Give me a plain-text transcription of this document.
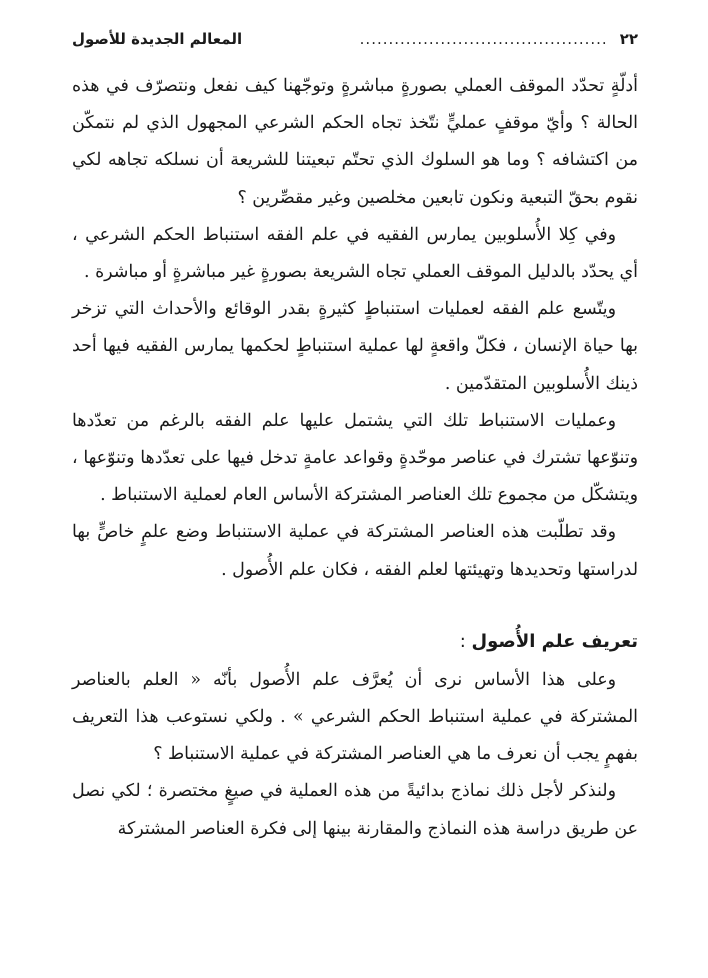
٢٢
...........................................
المعالم الجديدة للأصول

أدلّةٍ تحدّد الموقف العملي بصورةٍ مباشرةٍ وتوجّهنا كيف نفعل ونتصرّف في هذه الحالة ؟ وأيّ موقفٍ عمليٍّ نتّخذ تجاه الحكم الشرعي المجهول الذي لم نتمكّن من اكتشافه ؟ وما هو السلوك الذي تحتّم تبعيتنا للشريعة أن نسلكه تجاهه لكي نقوم بحقّ التبعية ونكون تابعين مخلصين وغير مقصِّرين ؟

وفي كِلا الأُسلوبين يمارس الفقيه في علم الفقه استنباط الحكم الشرعي ، أي يحدّد بالدليل الموقف العملي تجاه الشريعة بصورةٍ غير مباشرةٍ أو مباشرة .

ويتّسع علم الفقه لعمليات استنباطٍ كثيرةٍ بقدر الوقائع والأحداث التي تزخر بها حياة الإنسان ، فكلّ واقعةٍ لها عملية استنباطٍ لحكمها يمارس الفقيه فيها أحد ذينك الأُسلوبين المتقدّمين .

وعمليات الاستنباط تلك التي يشتمل عليها علم الفقه بالرغم من تعدّدها وتنوّعها تشترك في عناصر موحّدةٍ وقواعد عامةٍ تدخل فيها على تعدّدها وتنوّعها ، ويتشكّل من مجموع تلك العناصر المشتركة الأساس العام لعملية الاستنباط .

وقد تطلّبت هذه العناصر المشتركة في عملية الاستنباط وضع علمٍ خاصٍّ بها لدراستها وتحديدها وتهيئتها لعلم الفقه ، فكان علم الأُصول .

تعريف علم الأُصول :

وعلى هذا الأساس نرى أن يُعرَّف علم الأُصول بأنّه « العلم بالعناصر المشتركة في عملية استنباط الحكم الشرعي » . ولكي نستوعب هذا التعريف بفهمٍ يجب أن نعرف ما هي العناصر المشتركة في عملية الاستنباط ؟

ولنذكر لأجل ذلك نماذج بدائيةً من هذه العملية في صيغٍ مختصرة ؛ لكي نصل عن طريق دراسة هذه النماذج والمقارنة بينها إلى فكرة العناصر المشتركة
